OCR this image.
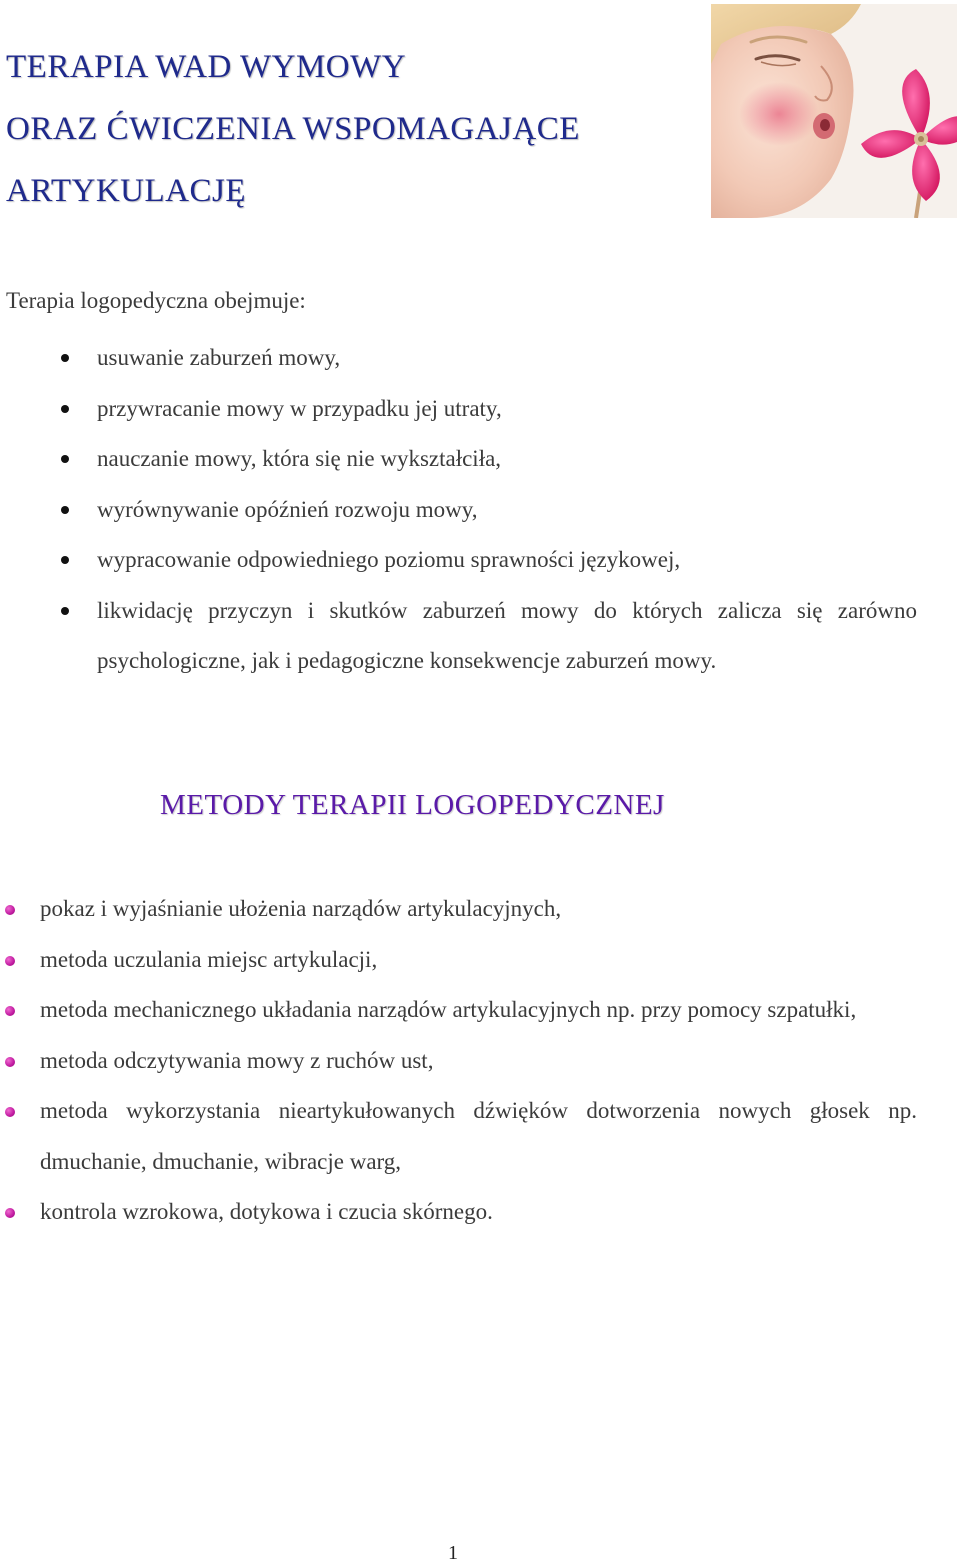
TERAPIA WAD WYMOWY
ORAZ ĆWICZENIA WSPOMAGAJĄCE
ARTYKULACJĘ
Terapia logopedyczna obejmuje:
usuwanie zaburzeń mowy,
przywracanie mowy w przypadku jej utraty,
nauczanie mowy, która się nie wykształciła,
wyrównywanie opóźnień rozwoju mowy,
wypracowanie odpowiedniego poziomu sprawności językowej,
likwidację przyczyn i skutków zaburzeń mowy do których zalicza się zarówno psychologiczne, jak i pedagogiczne konsekwencje zaburzeń mowy.
METODY TERAPII LOGOPEDYCZNEJ
pokaz i wyjaśnianie ułożenia narządów artykulacyjnych,
metoda uczulania miejsc artykulacji,
metoda mechanicznego układania narządów artykulacyjnych np. przy pomocy szpatułki,
metoda odczytywania mowy z ruchów ust,
metoda wykorzystania nieartykułowanych dźwięków dotworzenia nowych głosek np. dmuchanie, dmuchanie, wibracje warg,
kontrola wzrokowa, dotykowa i czucia skórnego.
1
